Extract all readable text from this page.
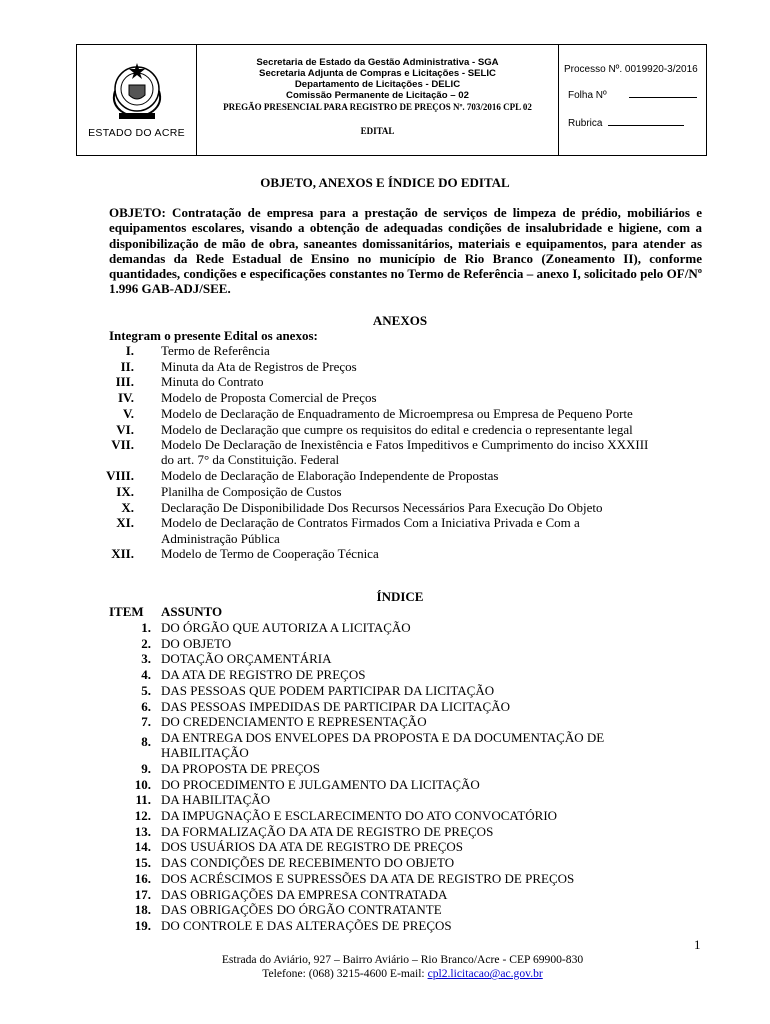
ESTADO DO ACRE
Secretaria de Estado da Gestão Administrativa - SGA
Secretaria Adjunta de Compras e Licitações - SELIC
Departamento de Licitações - DELIC
Comissão Permanente de Licitação – 02
PREGÃO PRESENCIAL PARA REGISTRO DE PREÇOS Nº. 703/2016 CPL 02
EDITAL
Processo Nº. 0019920-3/2016
Folha Nº
Rubrica
OBJETO, ANEXOS E ÍNDICE DO EDITAL
OBJETO: Contratação de empresa para a prestação de serviços de limpeza de prédio, mobiliários e equipamentos escolares, visando a obtenção de adequadas condições de insalubridade e higiene, com a disponibilização de mão de obra, saneantes domissanitários, materiais e equipamentos, para atender as demandas da Rede Estadual de Ensino no município de Rio Branco (Zoneamento II), conforme quantidades, condições e especificações constantes no Termo de Referência – anexo I, solicitado pelo OF/Nº 1.996 GAB-ADJ/SEE.
ANEXOS
Integram o presente Edital os anexos:
I. Termo de Referência
II. Minuta da Ata de Registros de Preços
III. Minuta do Contrato
IV. Modelo de Proposta Comercial de Preços
V. Modelo de Declaração de Enquadramento de Microempresa ou Empresa de Pequeno Porte
VI. Modelo de Declaração que cumpre os requisitos do edital e credencia o representante legal
VII. Modelo De Declaração de Inexistência e Fatos Impeditivos e Cumprimento do inciso XXXIII
do art. 7° da Constituição. Federal
VIII. Modelo de Declaração de Elaboração Independente de Propostas
IX. Planilha de Composição de Custos
X. Declaração De Disponibilidade Dos Recursos Necessários Para Execução Do Objeto
XI. Modelo de Declaração de Contratos Firmados Com a Iniciativa Privada e Com a
Administração Pública
XII. Modelo de Termo de Cooperação Técnica
ÍNDICE
ITEM ASSUNTO
1. DO ÓRGÃO QUE AUTORIZA A LICITAÇÃO
2. DO OBJETO
3. DOTAÇÃO ORÇAMENTÁRIA
4. DA ATA DE REGISTRO DE PREÇOS
5. DAS PESSOAS QUE PODEM PARTICIPAR DA LICITAÇÃO
6. DAS PESSOAS IMPEDIDAS DE PARTICIPAR DA LICITAÇÃO
7. DO CREDENCIAMENTO E REPRESENTAÇÃO
8. DA ENTREGA DOS ENVELOPES DA PROPOSTA E DA DOCUMENTAÇÃO DE
HABILITAÇÃO
9. DA PROPOSTA DE PREÇOS
10. DO PROCEDIMENTO E JULGAMENTO DA LICITAÇÃO
11. DA HABILITAÇÃO
12. DA IMPUGNAÇÃO E ESCLARECIMENTO DO ATO CONVOCATÓRIO
13. DA FORMALIZAÇÃO DA ATA DE REGISTRO DE PREÇOS
14. DOS USUÁRIOS DA ATA DE REGISTRO DE PREÇOS
15. DAS CONDIÇÕES DE RECEBIMENTO DO OBJETO
16. DOS ACRÉSCIMOS E SUPRESSÕES DA ATA DE REGISTRO DE PREÇOS
17. DAS OBRIGAÇÕES DA EMPRESA CONTRATADA
18. DAS OBRIGAÇÕES DO ÓRGÃO CONTRATANTE
19. DO CONTROLE E DAS ALTERAÇÕES DE PREÇOS
1
Estrada do Aviário, 927 – Bairro Aviário – Rio Branco/Acre - CEP 69900-830
Telefone: (068) 3215-4600 E-mail: cpl2.licitacao@ac.gov.br
